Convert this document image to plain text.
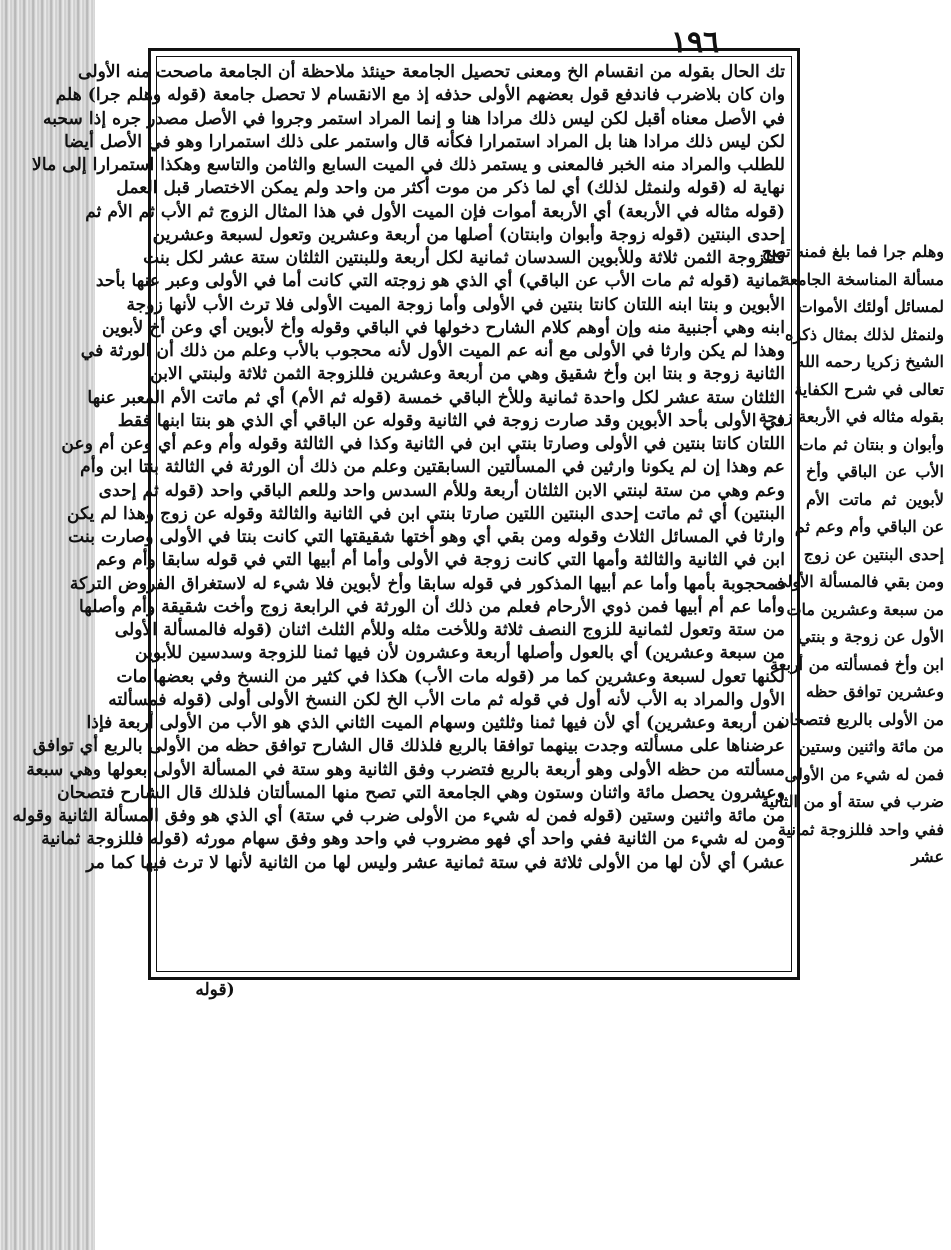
١٩٦
تك الحال بقوله من انقسام الخ ومعنى تحصيل الجامعة حينئذ ملاحظة أن الجامعة ماصحت منه الأولى
وان كان بلاضرب فاندفع قول بعضهم الأولى حذفه إذ مع الانقسام لا تحصل جامعة (قوله وهلم جرا) هلم
في الأصل معناه أقبل لكن ليس ذلك مرادا هنا و إنما المراد استمر وجروا في الأصل مصدر جره إذا سحبه
لكن ليس ذلك مرادا هنا بل المراد استمرارا فكأنه قال واستمر على ذلك استمرارا وهو في الأصل أيضا
للطلب والمراد منه الخبر فالمعنى و يستمر ذلك في الميت السابع والثامن والتاسع وهكذا استمرارا إلى مالا
نهاية له (قوله ولنمثل لذلك) أي لما ذكر من موت أكثر من واحد ولم يمكن الاختصار قبل العمل
(قوله مثاله في الأربعة) أي الأربعة أموات فإن الميت الأول في هذا المثال الزوج ثم الأب ثم الأم ثم
إحدى البنتين (قوله زوجة وأبوان وابنتان) أصلها من أربعة وعشرين وتعول لسبعة وعشرين
فللزوجة الثمن ثلاثة وللأبوين السدسان ثمانية لكل أربعة وللبنتين الثلثان ستة عشر لكل بنت
ثمانية (قوله ثم مات الأب عن الباقي) أي الذي هو زوجته التي كانت أما في الأولى وعبر عنها بأحد
الأبوين و بنتا ابنه اللتان كانتا بنتين في الأولى وأما زوجة الميت الأولى فلا ترث الأب لأنها زوجة
ابنه وهي أجنبية منه وإن أوهم كلام الشارح دخولها في الباقي وقوله وأخ لأبوين أي وعن أخ لأبوين
وهذا لم يكن وارثا في الأولى مع أنه عم الميت الأول لأنه محجوب بالأب وعلم من ذلك أن الورثة في
الثانية زوجة و بنتا ابن وأخ شقيق وهي من أربعة وعشرين فللزوجة الثمن ثلاثة ولبنتي الابن
الثلثان ستة عشر لكل واحدة ثمانية وللأخ الباقي خمسة (قوله ثم الأم) أي ثم ماتت الأم المعبر عنها
في الأولى بأحد الأبوين وقد صارت زوجة في الثانية وقوله عن الباقي أي الذي هو بنتا ابنها فقط
اللتان كانتا بنتين في الأولى وصارتا بنتي ابن في الثانية وكذا في الثالثة وقوله وأم وعم أي وعن أم وعن
عم وهذا إن لم يكونا وارثين في المسألتين السابقتين وعلم من ذلك أن الورثة في الثالثة بنتا ابن وأم
وعم وهي من ستة لبنتي الابن الثلثان أربعة وللأم السدس واحد وللعم الباقي واحد (قوله ثم إحدى
البنتين) أي ثم ماتت إحدى البنتين اللتين صارتا بنتي ابن في الثانية والثالثة وقوله عن زوج وهذا لم يكن
وارثا في المسائل الثلاث وقوله ومن بقي أي وهو أختها شقيقتها التي كانت بنتا في الأولى وصارت بنت
ابن في الثانية والثالثة وأمها التي كانت زوجة في الأولى وأما أم أبيها التي في قوله سابقا وأم وعم
فمحجوبة بأمها وأما عم أبيها المذكور في قوله سابقا وأخ لأبوين فلا شيء له لاستغراق الفروض التركة
وأما عم أم أبيها فمن ذوي الأرحام فعلم من ذلك أن الورثة في الرابعة زوج وأخت شقيقة وأم وأصلها
من ستة وتعول لثمانية للزوج النصف ثلاثة وللأخت مثله وللأم الثلث اثنان (قوله فالمسألة الأولى
من سبعة وعشرين) أي بالعول وأصلها أربعة وعشرون لأن فيها ثمنا للزوجة وسدسين للأبوين
لكنها تعول لسبعة وعشرين كما مر (قوله مات الأب) هكذا في كثير من النسخ وفي بعضها مات
الأول والمراد به الأب لأنه أول في قوله ثم مات الأب الخ لكن النسخ الأولى أولى (قوله فمسألته
من أربعة وعشرين) أي لأن فيها ثمنا وثلثين وسهام الميت الثاني الذي هو الأب من الأولى أربعة فإذا
عرضناها على مسألته وجدت بينهما توافقا بالربع فلذلك قال الشارح توافق حظه من الأولى بالربع أي توافق
مسألته من حظه الأولى وهو أربعة بالربع فتضرب وفق الثانية وهو ستة في المسألة الأولى بعولها وهي سبعة
وعشرون يحصل مائة واثنان وستون وهي الجامعة التي تصح منها المسألتان فلذلك قال الشارح فتصحان
من مائة واثنين وستين (قوله فمن له شيء من الأولى ضرب في ستة) أي الذي هو وفق المسألة الثانية وقوله
ومن له شيء من الثانية ففي واحد أي فهو مضروب في واحد وهو وفق سهام مورثه (قوله فللزوجة ثمانية
عشر) أي لأن لها من الأولى ثلاثة في ستة ثمانية عشر وليس لها من الثانية لأنها لا ترث فيها كما مر
وهلم جرا فما بلغ فمنه تصح
مسألة المناسخة الجامعة
لمسائل أولئك الأموات
ولنمثل لذلك بمثال ذكره
الشيخ زكريا رحمه الله
تعالى في شرح الكفاية
بقوله مثاله في الأربعة زوجة
وأبوان و بنتان ثم مات
الأب عن الباقي وأخ
لأبوين ثم ماتت الأم
عن الباقي وأم وعم ثم
إحدى البنتين عن زوج
ومن بقي فالمسألة الأولى
من سبعة وعشرين مات
الأول عن زوجة و بنتي
ابن وأخ فمسألته من أربعة
وعشرين توافق حظه
من الأولى بالربع فتصحان
من مائة واثنين وستين
فمن له شيء من الأولى
ضرب في ستة أو من الثانية
ففي واحد فللزوجة ثمانية
عشر
(قوله
